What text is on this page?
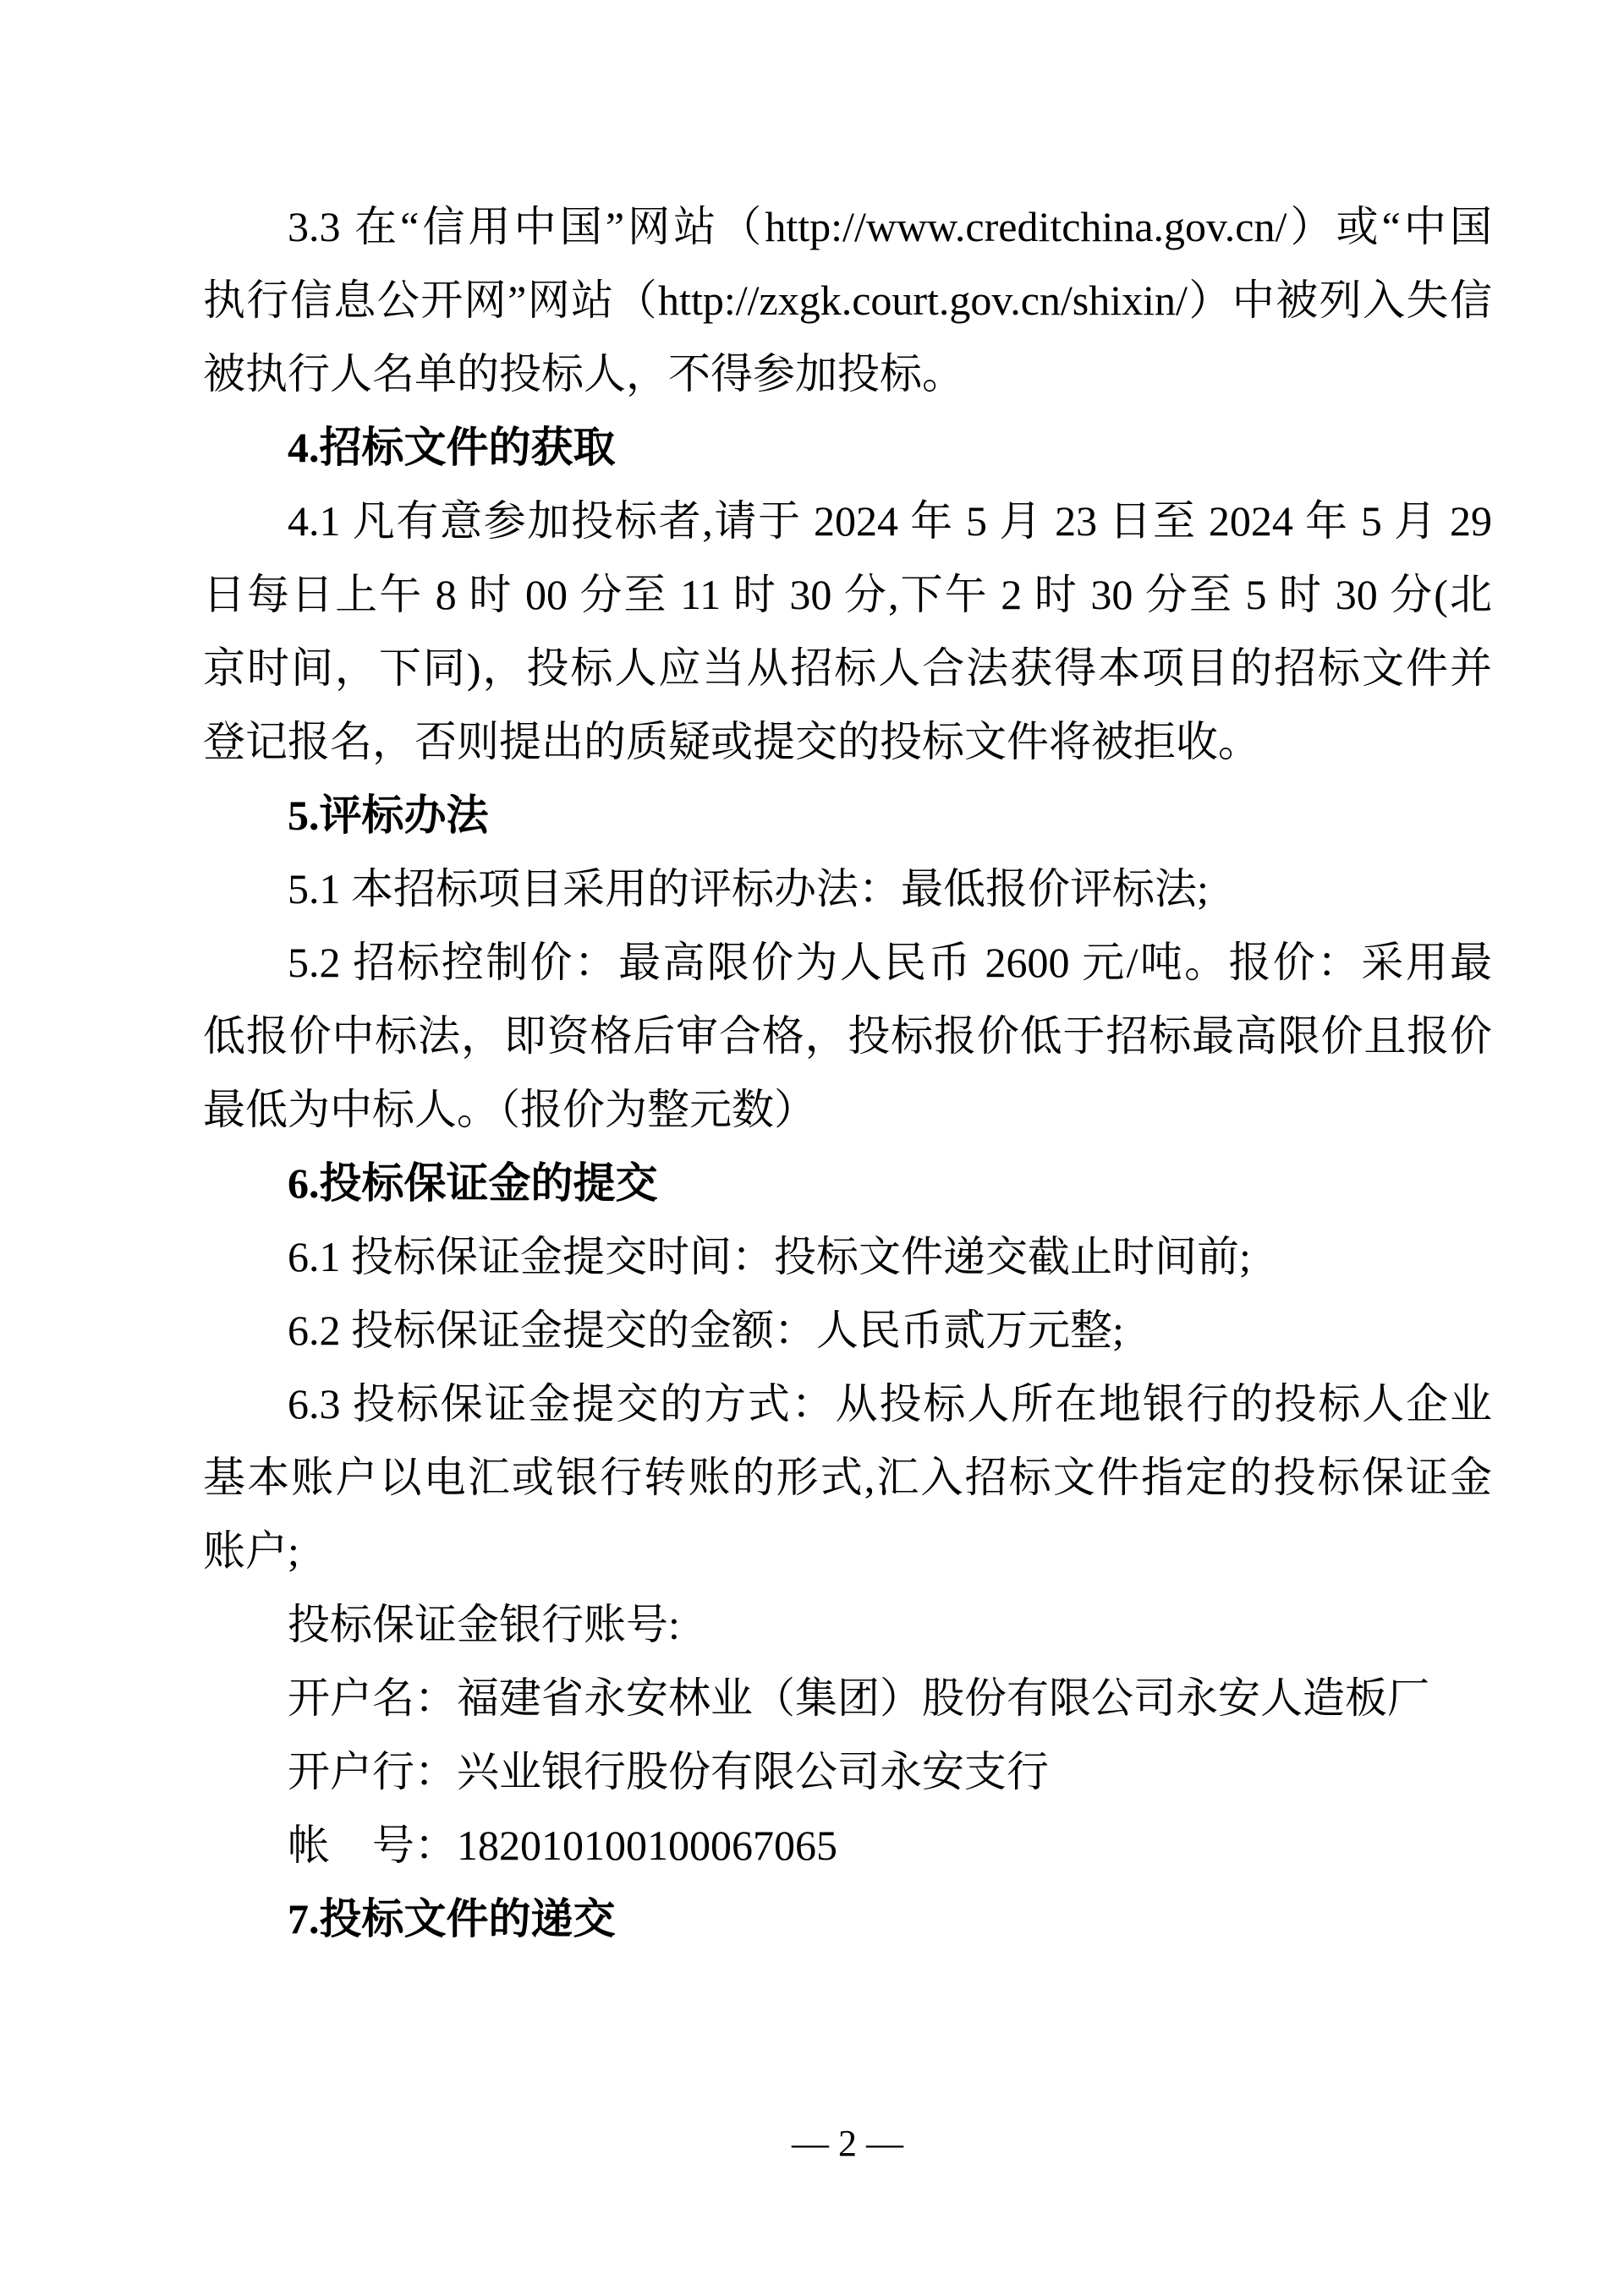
3.3 在“信用中国”网站（http://www.creditchina.gov.cn/）或“中国
执行信息公开网”网站（http://zxgk.court.gov.cn/shixin/）中被列入失信
被执行人名单的投标人，不得参加投标。
4.招标文件的获取
4.1 凡有意参加投标者,请于 2024 年 5 月 23 日至 2024 年 5 月 29
日每日上午 8 时 00 分至 11 时 30 分,下午 2 时 30 分至 5 时 30 分(北
京时间，下同)，投标人应当从招标人合法获得本项目的招标文件并
登记报名，否则提出的质疑或提交的投标文件将被拒收。
5.评标办法
5.1 本招标项目采用的评标办法：最低报价评标法;
5.2 招标控制价：最高限价为人民币 2600 元/吨。报价：采用最
低报价中标法，即资格后审合格，投标报价低于招标最高限价且报价
最低为中标人。（报价为整元数）
6.投标保证金的提交
6.1 投标保证金提交时间：投标文件递交截止时间前;
6.2 投标保证金提交的金额：人民币贰万元整;
6.3 投标保证金提交的方式：从投标人所在地银行的投标人企业
基本账户以电汇或银行转账的形式,汇入招标文件指定的投标保证金
账户;
投标保证金银行账号:
开户名：福建省永安林业（集团）股份有限公司永安人造板厂
开户行：兴业银行股份有限公司永安支行
帐　号：182010100100067065
7.投标文件的递交
— 2 —
